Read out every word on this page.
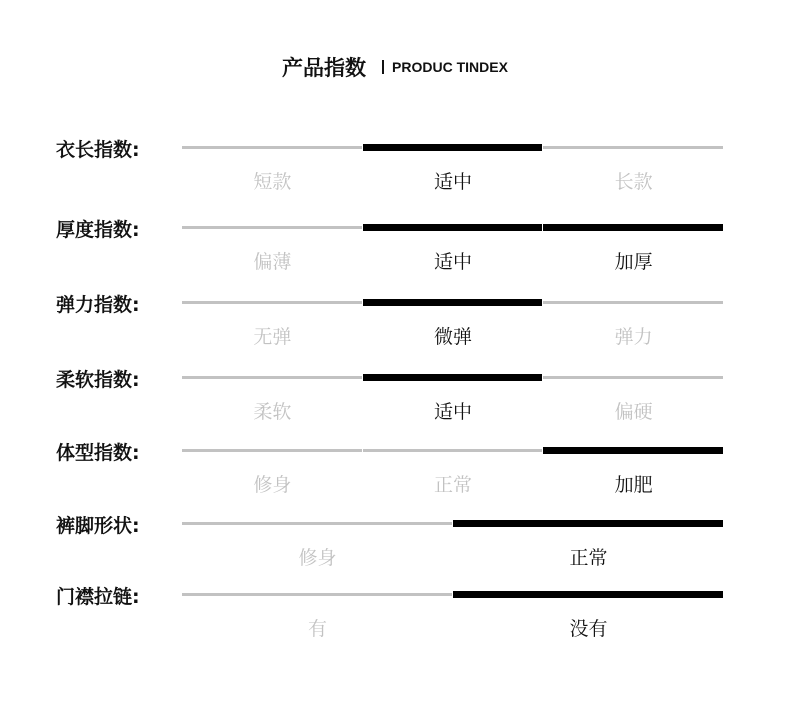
产品指数 PRODUC TINDEX
衣长指数:
短款	适中	长款
厚度指数:
偏薄	适中	加厚
弹力指数:
无弹	微弹	弹力
柔软指数:
柔软	适中	偏硬
体型指数:
修身	正常	加肥
裤脚形状:
修身	正常
门襟拉链:
有	没有
